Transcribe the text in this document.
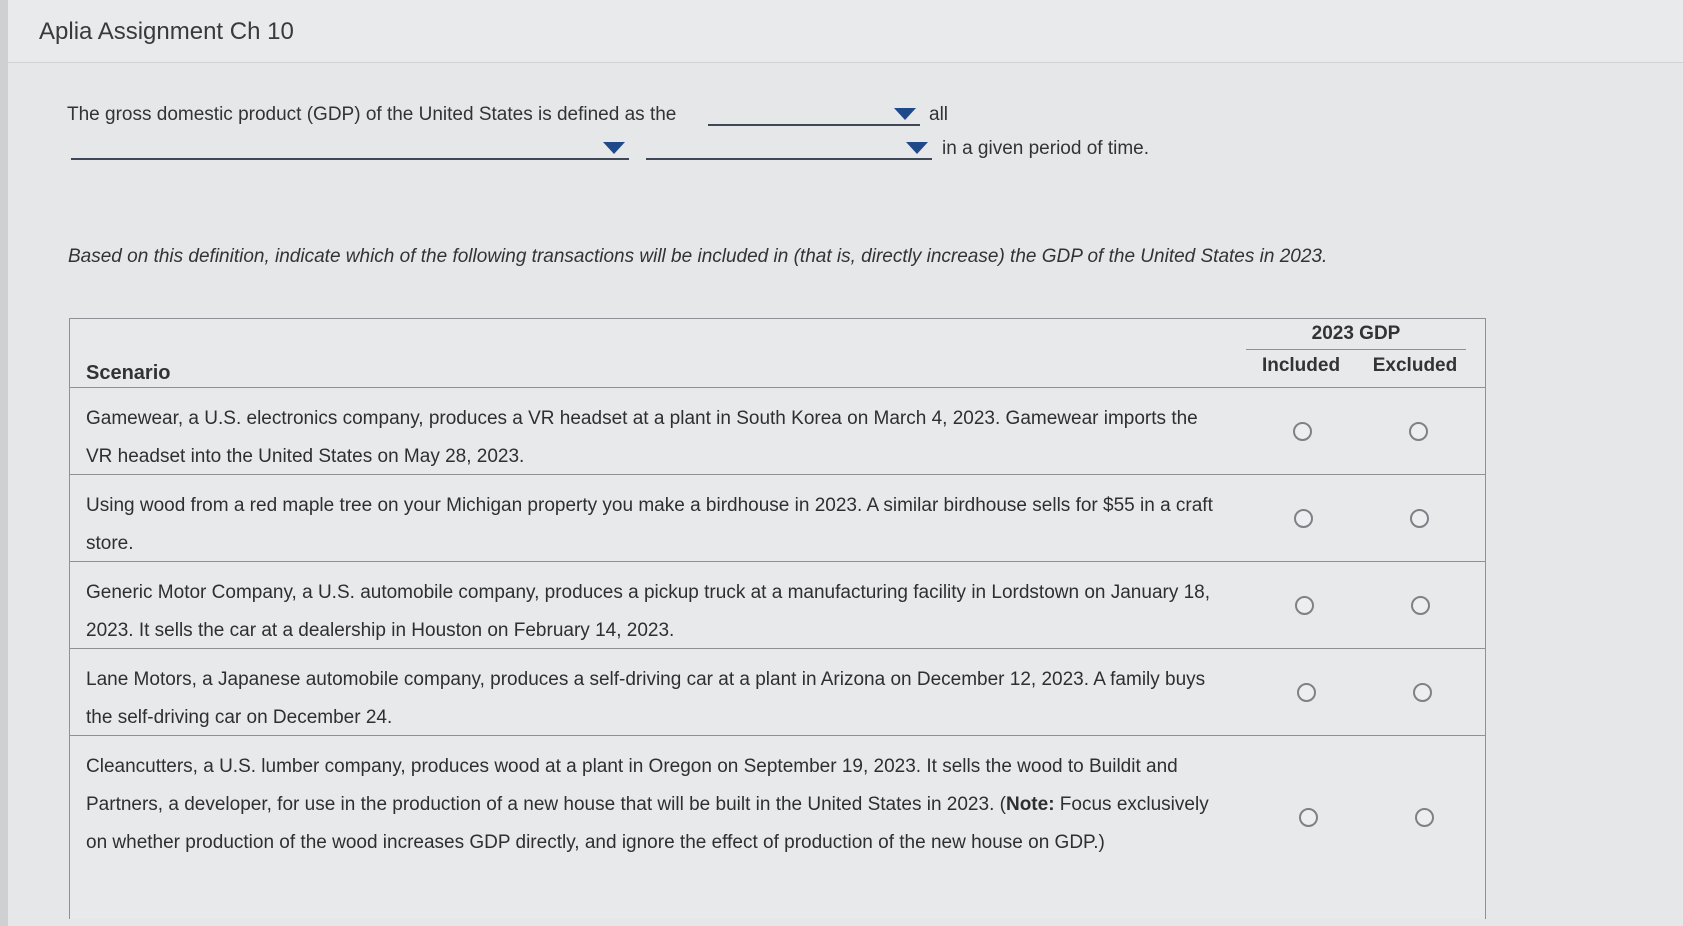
Aplia Assignment Ch 10
The gross domestic product (GDP) of the United States is defined as the	all
in a given period of time.
Based on this definition, indicate which of the following transactions will be included in (that is, directly increase) the GDP of the United States in 2023.
Scenario
2023 GDP
Included	Excluded
Gamewear, a U.S. electronics company, produces a VR headset at a plant in South Korea on March 4, 2023. Gamewear imports the VR headset into the United States on May 28, 2023.
Using wood from a red maple tree on your Michigan property you make a birdhouse in 2023. A similar birdhouse sells for $55 in a craft store.
Generic Motor Company, a U.S. automobile company, produces a pickup truck at a manufacturing facility in Lordstown on January 18, 2023. It sells the car at a dealership in Houston on February 14, 2023.
Lane Motors, a Japanese automobile company, produces a self-driving car at a plant in Arizona on December 12, 2023. A family buys the self-driving car on December 24.
Cleancutters, a U.S. lumber company, produces wood at a plant in Oregon on September 19, 2023. It sells the wood to Buildit and Partners, a developer, for use in the production of a new house that will be built in the United States in 2023. (Note: Focus exclusively on whether production of the wood increases GDP directly, and ignore the effect of production of the new house on GDP.)
